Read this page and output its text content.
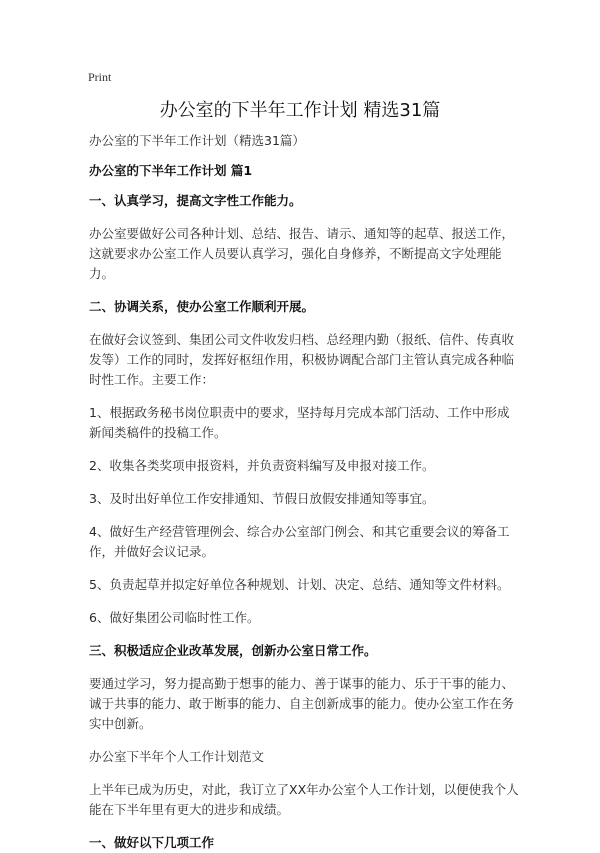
Print
办公室的下半年工作计划 精选31篇

办公室的下半年工作计划（精选31篇）

办公室的下半年工作计划 篇1

一、认真学习，提高文字性工作能力。

办公室要做好公司各种计划、总结、报告、请示、通知等的起草、报送工作，这就要求办公室工作人员要认真学习，强化自身修养，不断提高文字处理能力。

二、协调关系，使办公室工作顺利开展。

在做好会议签到、集团公司文件收发归档、总经理内勤（报纸、信件、传真收发等）工作的同时，发挥好枢纽作用，积极协调配合部门主管认真完成各种临时性工作。主要工作：

1、根据政务秘书岗位职责中的要求，坚持每月完成本部门活动、工作中形成新闻类稿件的投稿工作。

2、收集各类奖项申报资料，并负责资料编写及申报对接工作。

3、及时出好单位工作安排通知、节假日放假安排通知等事宜。

4、做好生产经营管理例会、综合办公室部门例会、和其它重要会议的筹备工作，并做好会议记录。

5、负责起草并拟定好单位各种规划、计划、决定、总结、通知等文件材料。

6、做好集团公司临时性工作。

三、积极适应企业改革发展，创新办公室日常工作。

要通过学习，努力提高勤于想事的能力、善于谋事的能力、乐于干事的能力、诚于共事的能力、敢于断事的能力、自主创新成事的能力。使办公室工作在务实中创新。

办公室下半年个人工作计划范文

上半年已成为历史，对此，我订立了XX年办公室个人工作计划，以便使我个人能在下半年里有更大的进步和成绩。

一、做好以下几项工作
